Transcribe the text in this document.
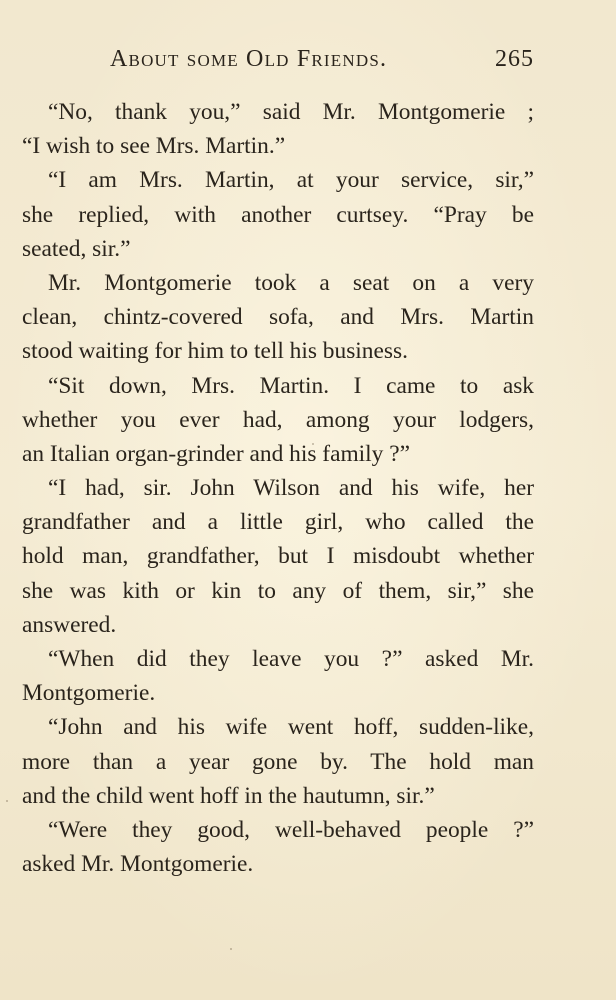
About some Old Friends.	265
“No, thank you,” said Mr. Montgomerie ;
“I wish to see Mrs. Martin.”
“I am Mrs. Martin, at your service, sir,”
she replied, with another curtsey. “Pray be
seated, sir.”
Mr. Montgomerie took a seat on a very
clean, chintz-covered sofa, and Mrs. Martin
stood waiting for him to tell his business.
“Sit down, Mrs. Martin. I came to ask
whether you ever had, among your lodgers,
an Italian organ-grinder and his family ?”
“I had, sir. John Wilson and his wife, her
grandfather and a little girl, who called the
hold man, grandfather, but I misdoubt whether
she was kith or kin to any of them, sir,” she
answered.
“When did they leave you ?” asked Mr.
Montgomerie.
“John and his wife went hoff, sudden-like,
more than a year gone by. The hold man
and the child went hoff in the hautumn, sir.”
“Were they good, well-behaved people ?”
asked Mr. Montgomerie.
